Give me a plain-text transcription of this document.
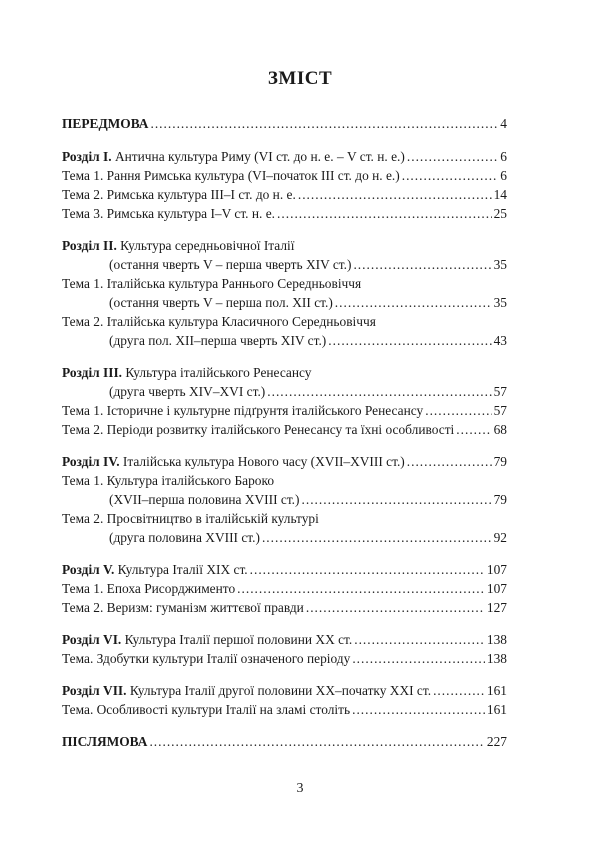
ЗМІСТ
ПЕРЕДМОВА .....	4
Розділ I. Антична культура Риму (VI ст. до н. е. – V ст. н. е.) .....	6
Тема 1. Рання Римська культура (VI–початок III ст. до н. е.) .....	6
Тема 2. Римська культура III–I ст. до н. е. .....	14
Тема 3. Римська культура I–V ст. н. е. .....	25
Розділ II. Культура середньовічної Італії
(остання чверть V – перша чверть XIV ст.) .....	35
Тема 1. Італійська культура Раннього Середньовіччя
(остання чверть V – перша пол. XII ст.) .....	35
Тема 2. Італійська культура Класичного Середньовіччя
(друга пол. XII–перша чверть XIV ст.) .....	43
Розділ III. Культура італійського Ренесансу
(друга чверть XIV–XVI ст.) .....	57
Тема 1. Історичне і культурне підґрунтя італійського Ренесансу .....	57
Тема 2. Періоди розвитку італійського Ренесансу та їхні особливості .....	68
Розділ IV. Італійська культура Нового часу (XVII–XVIII ст.) .....	79
Тема 1. Культура італійського Бароко
(XVII–перша половина XVIII ст.) .....	79
Тема 2. Просвітництво в італійській культурі
(друга половина XVIII ст.) .....	92
Розділ V. Культура Італії XIX ст. .....	107
Тема 1. Епоха Рисорджименто .....	107
Тема 2. Веризм: гуманізм життєвої правди .....	127
Розділ VI. Культура Італії першої половини XX ст. .....	138
Тема. Здобутки культури Італії означеного періоду .....	138
Розділ VII. Культура Італії другої половини XX–початку XXI ст. .....	161
Тема. Особливості культури Італії на зламі століть .....	161
ПІСЛЯМОВА .....	227
3
